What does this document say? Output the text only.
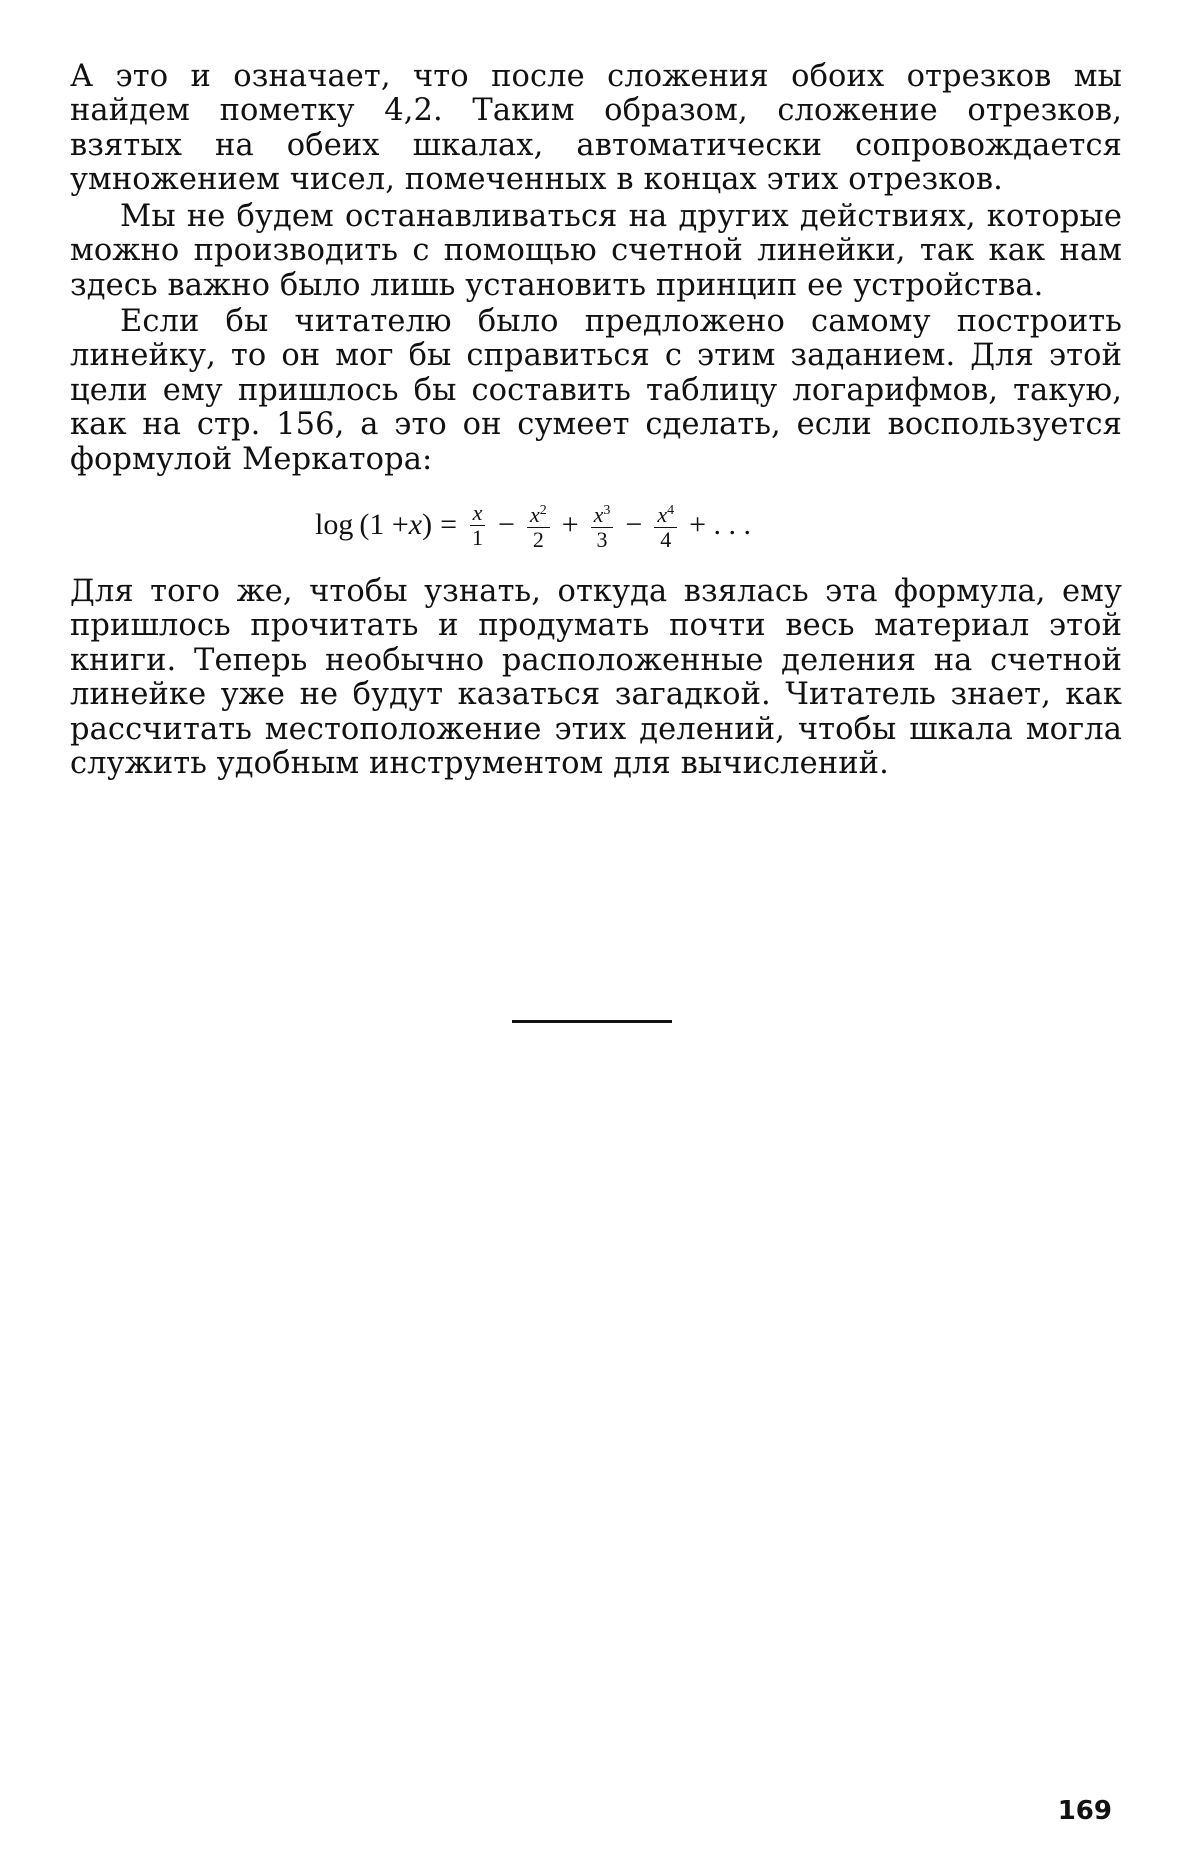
А это и означает, что после сложения обоих отрезков мы найдем пометку 4,2. Таким образом, сложение отрезков, взятых на обеих шкалах, автоматически сопровождается умножением чисел, помеченных в концах этих отрезков.

Мы не будем останавливаться на других действиях, которые можно производить с помощью счетной линейки, так как нам здесь важно было лишь установить принцип ее устройства.

Если бы читателю было предложено самому построить линейку, то он мог бы справиться с этим заданием. Для этой цели ему пришлось бы составить таблицу логарифмов, такую, как на стр. 156, а это он сумеет сделать, если воспользуется формулой Меркатора:

log (1 + x ) = $\frac{x}{1} - \frac{x^2}{2} + \frac{x^3}{3} - \frac{x^4}{4}$ + . . .

Для того же, чтобы узнать, откуда взялась эта формула, ему пришлось прочитать и продумать почти весь материал этой книги. Теперь необычно расположенные деления на счетной линейке уже не будут казаться загадкой. Читатель знает, как рассчитать местоположение этих делений, чтобы шкала могла служить удобным инструментом для вычислений.

169
